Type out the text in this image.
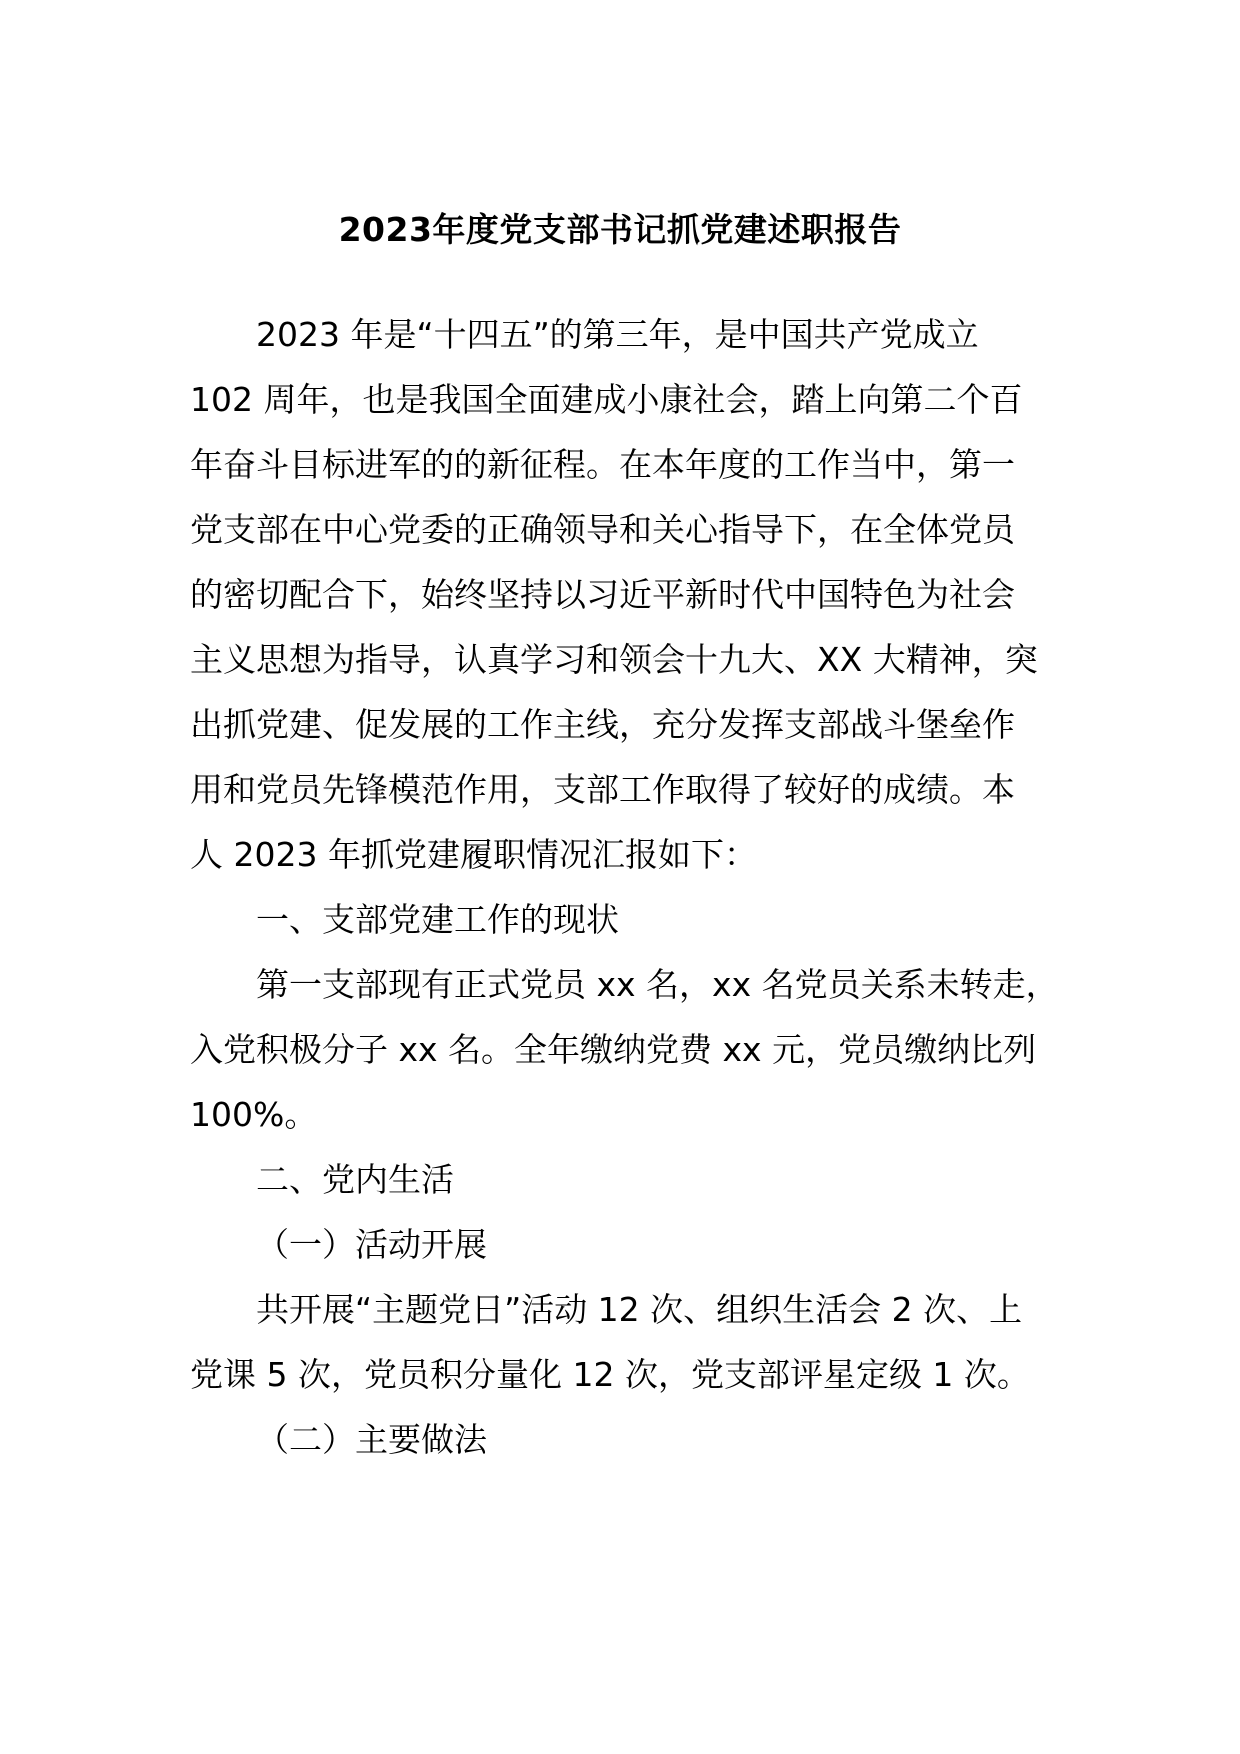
2023年度党支部书记抓党建述职报告
2023 年是“十四五”的第三年，是中国共产党成立
102 周年，也是我国全面建成小康社会，踏上向第二个百
年奋斗目标进军的的新征程。在本年度的工作当中，第一
党支部在中心党委的正确领导和关心指导下，在全体党员
的密切配合下，始终坚持以习近平新时代中国特色为社会
主义思想为指导，认真学习和领会十九大、XX 大精神，突
出抓党建、促发展的工作主线，充分发挥支部战斗堡垒作
用和党员先锋模范作用，支部工作取得了较好的成绩。本
人 2023 年抓党建履职情况汇报如下：
一、支部党建工作的现状
第一支部现有正式党员 xx 名，xx 名党员关系未转走，
入党积极分子 xx 名。全年缴纳党费 xx 元，党员缴纳比列
100%。
二、党内生活
（一）活动开展
共开展“主题党日”活动 12 次、组织生活会 2 次、上
党课 5 次，党员积分量化 12 次，党支部评星定级 1 次。
（二）主要做法
